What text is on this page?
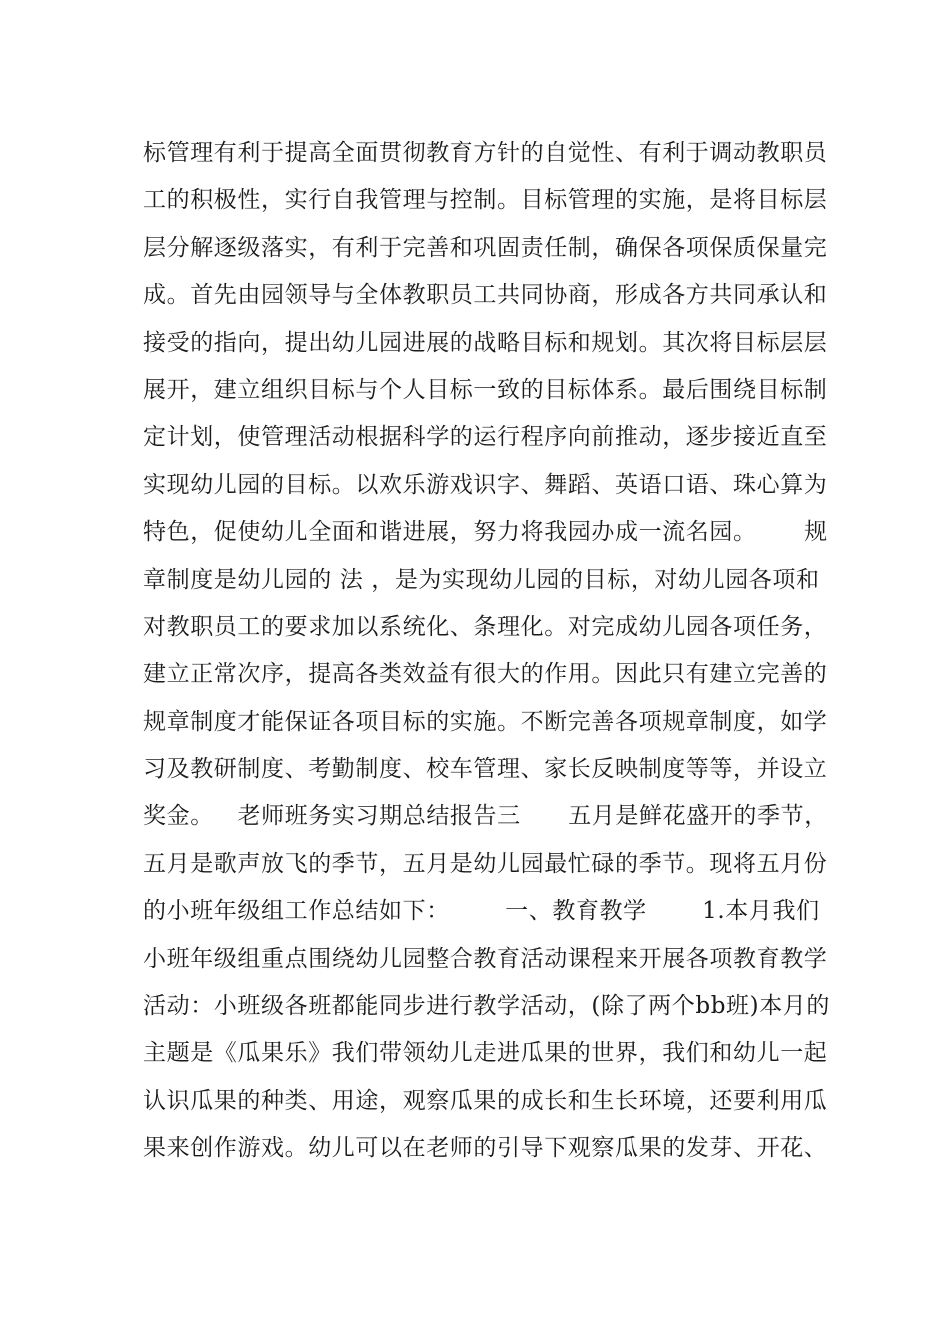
标管理有利于提高全面贯彻教育方针的自觉性、有利于调动教职员
工的积极性，实行自我管理与控制。目标管理的实施，是将目标层
层分解逐级落实，有利于完善和巩固责任制，确保各项保质保量完
成。首先由园领导与全体教职员工共同协商，形成各方共同承认和
接受的指向，提出幼儿园进展的战略目标和规划。其次将目标层层
展开，建立组织目标与个人目标一致的目标体系。最后围绕目标制
定计划，使管理活动根据科学的运行程序向前推动，逐步接近直至
实现幼儿园的目标。以欢乐游戏识字、舞蹈、英语口语、珠心算为
特色，促使幼儿全面和谐进展，努力将我园办成一流名园。      规
章制度是幼儿园的 法 ，是为实现幼儿园的目标，对幼儿园各项和
对教职员工的要求加以系统化、条理化。对完成幼儿园各项任务，
建立正常次序，提高各类效益有很大的作用。因此只有建立完善的
规章制度才能保证各项目标的实施。不断完善各项规章制度，如学
习及教研制度、考勤制度、校车管理、家长反映制度等等，并设立
奖金。   老师班务实习期总结报告三      五月是鲜花盛开的季节，
五月是歌声放飞的季节，五月是幼儿园最忙碌的季节。现将五月份
的小班年级组工作总结如下：       一、教育教学       1.本月我们
小班年级组重点围绕幼儿园整合教育活动课程来开展各项教育教学
活动：小班级各班都能同步进行教学活动，(除了两个bb班)本月的
主题是《瓜果乐》我们带领幼儿走进瓜果的世界，我们和幼儿一起
认识瓜果的种类、用途，观察瓜果的成长和生长环境，还要利用瓜
果来创作游戏。幼儿可以在老师的引导下观察瓜果的发芽、开花、
